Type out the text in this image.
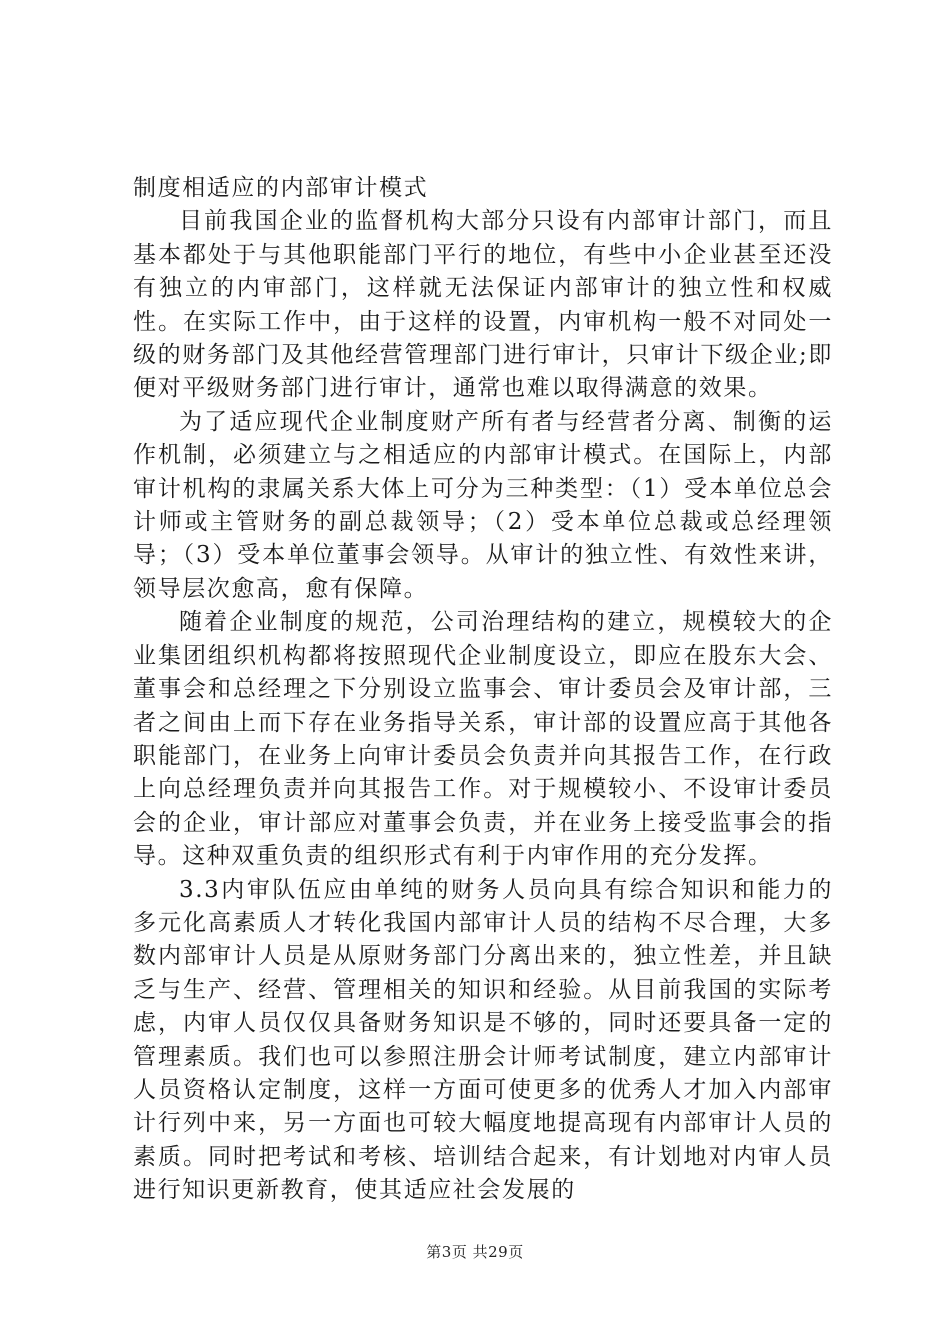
制度相适应的内部审计模式

目前我国企业的监督机构大部分只设有内部审计部门，而且基本都处于与其他职能部门平行的地位，有些中小企业甚至还没有独立的内审部门，这样就无法保证内部审计的独立性和权威性。在实际工作中，由于这样的设置，内审机构一般不对同处一级的财务部门及其他经营管理部门进行审计，只审计下级企业;即便对平级财务部门进行审计，通常也难以取得满意的效果。

为了适应现代企业制度财产所有者与经营者分离、制衡的运作机制，必须建立与之相适应的内部审计模式。在国际上，内部审计机构的隶属关系大体上可分为三种类型：（1）受本单位总会计师或主管财务的副总裁领导；（2）受本单位总裁或总经理领导；（3）受本单位董事会领导。从审计的独立性、有效性来讲，领导层次愈高，愈有保障。

随着企业制度的规范，公司治理结构的建立，规模较大的企业集团组织机构都将按照现代企业制度设立，即应在股东大会、董事会和总经理之下分别设立监事会、审计委员会及审计部，三者之间由上而下存在业务指导关系，审计部的设置应高于其他各职能部门，在业务上向审计委员会负责并向其报告工作，在行政上向总经理负责并向其报告工作。对于规模较小、不设审计委员会的企业，审计部应对董事会负责，并在业务上接受监事会的指导。这种双重负责的组织形式有利于内审作用的充分发挥。

3.3内审队伍应由单纯的财务人员向具有综合知识和能力的多元化高素质人才转化我国内部审计人员的结构不尽合理，大多数内部审计人员是从原财务部门分离出来的，独立性差，并且缺乏与生产、经营、管理相关的知识和经验。从目前我国的实际考虑，内审人员仅仅具备财务知识是不够的，同时还要具备一定的管理素质。我们也可以参照注册会计师考试制度，建立内部审计人员资格认定制度，这样一方面可使更多的优秀人才加入内部审计行列中来，另一方面也可较大幅度地提高现有内部审计人员的素质。同时把考试和考核、培训结合起来，有计划地对内审人员进行知识更新教育，使其适应社会发展的

第3页 共29页
